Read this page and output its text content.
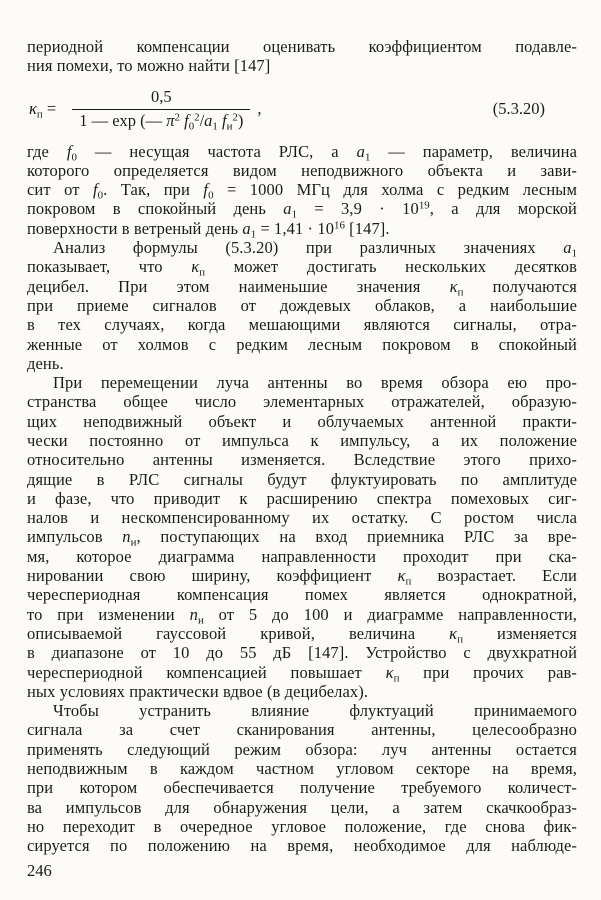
периодной компенсации оценивать коэффициентом подавле-
ния помехи, то можно найти [147]
$\kappa_п = \frac{0,5}{1 — \exp (— \pi^2 f_0^2/a_1 f_и^2)}$ ,	(5.3.20)
где $f_0$ — несущая частота РЛС, а $a_1$ — параметр, величина
которого определяется видом неподвижного объекта и зави-
сит от $f_0$. Так, при $f_0 = 1000$ МГц для холма с редким лесным
покровом в спокойный день $a_1 = 3,9 \cdot 10^{19}$, а для морской
поверхности в ветреный день $a_1 = 1,41 \cdot 10^{16}$ [147].
Анализ формулы (5.3.20) при различных значениях $a_1$
показывает, что $\kappa_п$ может достигать нескольких десятков
децибел. При этом наименьшие значения $\kappa_п$ получаются
при приеме сигналов от дождевых облаков, а наибольшие
в тех случаях, когда мешающими являются сигналы, отра-
женные от холмов с редким лесным покровом в спокойный
день.
При перемещении луча антенны во время обзора ею про-
странства общее число элементарных отражателей, образую-
щих неподвижный объект и облучаемых антенной практи-
чески постоянно от импульса к импульсу, а их положение
относительно антенны изменяется. Вследствие этого прихо-
дящие в РЛС сигналы будут флуктуировать по амплитуде
и фазе, что приводит к расширению спектра помеховых сиг-
налов и нескомпенсированному их остатку. С ростом числа
импульсов $n_и$, поступающих на вход приемника РЛС за вре-
мя, которое диаграмма направленности проходит при ска-
нировании свою ширину, коэффициент $\kappa_п$ возрастает. Если
череспериодная компенсация помех является однократной,
то при изменении $n_и$ от 5 до 100 и диаграмме направленности,
описываемой гауссовой кривой, величина $\kappa_п$ изменяется
в диапазоне от 10 до 55 дБ [147]. Устройство с двухкратной
череспериодной компенсацией повышает $\kappa_п$ при прочих рав-
ных условиях практически вдвое (в децибелах).
Чтобы устранить влияние флуктуаций принимаемого
сигнала за счет сканирования антенны, целесообразно
применять следующий режим обзора: луч антенны остается
неподвижным в каждом частном угловом секторе на время,
при котором обеспечивается получение требуемого количест-
ва импульсов для обнаружения цели, а затем скачкообраз-
но переходит в очередное угловое положение, где снова фик-
сируется по положению на время, необходимое для наблюде-
246
